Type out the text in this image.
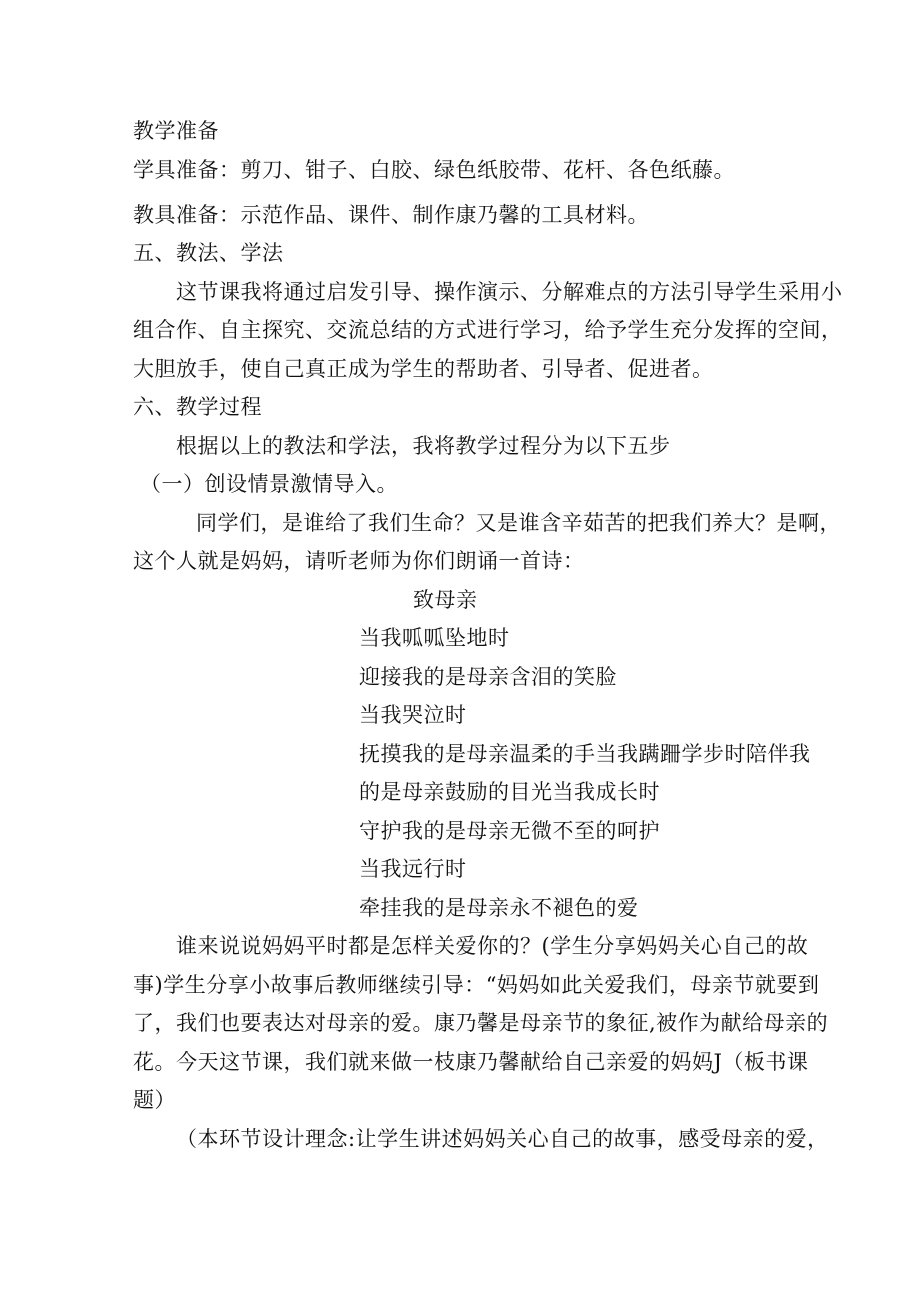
教学准备
学具准备：剪刀、钳子、白胶、绿色纸胶带、花杆、各色纸藤。
教具准备：示范作品、课件、制作康乃馨的工具材料。
五、教法、学法
这节课我将通过启发引导、操作演示、分解难点的方法引导学生采用小
组合作、自主探究、交流总结的方式进行学习，给予学生充分发挥的空间，
大胆放手，使自己真正成为学生的帮助者、引导者、促进者。
六、教学过程
根据以上的教法和学法，我将教学过程分为以下五步
（一）创设情景激情导入。
同学们，是谁给了我们生命？又是谁含辛茹苦的把我们养大？是啊，
这个人就是妈妈，请听老师为你们朗诵一首诗：
致母亲
当我呱呱坠地时
迎接我的是母亲含泪的笑脸
当我哭泣时
抚摸我的是母亲温柔的手当我蹒跚学步时陪伴我
的是母亲鼓励的目光当我成长时
守护我的是母亲无微不至的呵护
当我远行时
牵挂我的是母亲永不褪色的爱
谁来说说妈妈平时都是怎样关爱你的？(学生分享妈妈关心自己的故
事)学生分享小故事后教师继续引导：“妈妈如此关爱我们，母亲节就要到
了，我们也要表达对母亲的爱。康乃馨是母亲节的象征,被作为献给母亲的
花。今天这节课，我们就来做一枝康乃馨献给自己亲爱的妈妈J（板书课
题）
（本环节设计理念:让学生讲述妈妈关心自己的故事，感受母亲的爱，
